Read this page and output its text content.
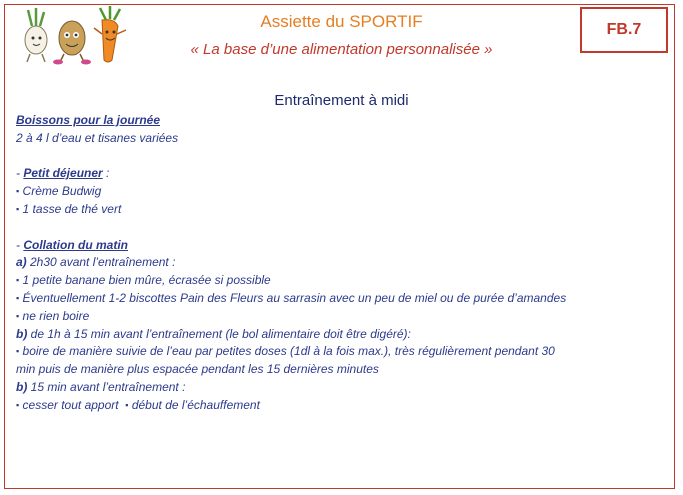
Assiette du SPORTIF
« La base d’une alimentation personnalisée »
FB.7
Entraînement à midi
Boissons pour la journée
2 à 4 l d’eau et tisanes variées
- Petit déjeuner :
▪ Crème Budwig
▪ 1 tasse de thé vert
- Collation du matin
a) 2h30 avant l’entraînement :
▪ 1 petite banane bien mûre, écrasée si possible
▪ Éventuellement 1-2 biscottes Pain des Fleurs au sarrasin avec un peu de miel ou de purée d’amandes
▪ ne rien boire
b) de 1h à 15 min avant l’entraînement (le bol alimentaire doit être digéré):
▪ boire de manière suivie de l’eau par petites doses (1dl à la fois max.), très régulièrement pendant 30
min puis de manière plus espacée pendant les 15 dernières minutes
b) 15 min avant l’entraînement :
▪ cesser tout apport ▪ début de l’échauffement
